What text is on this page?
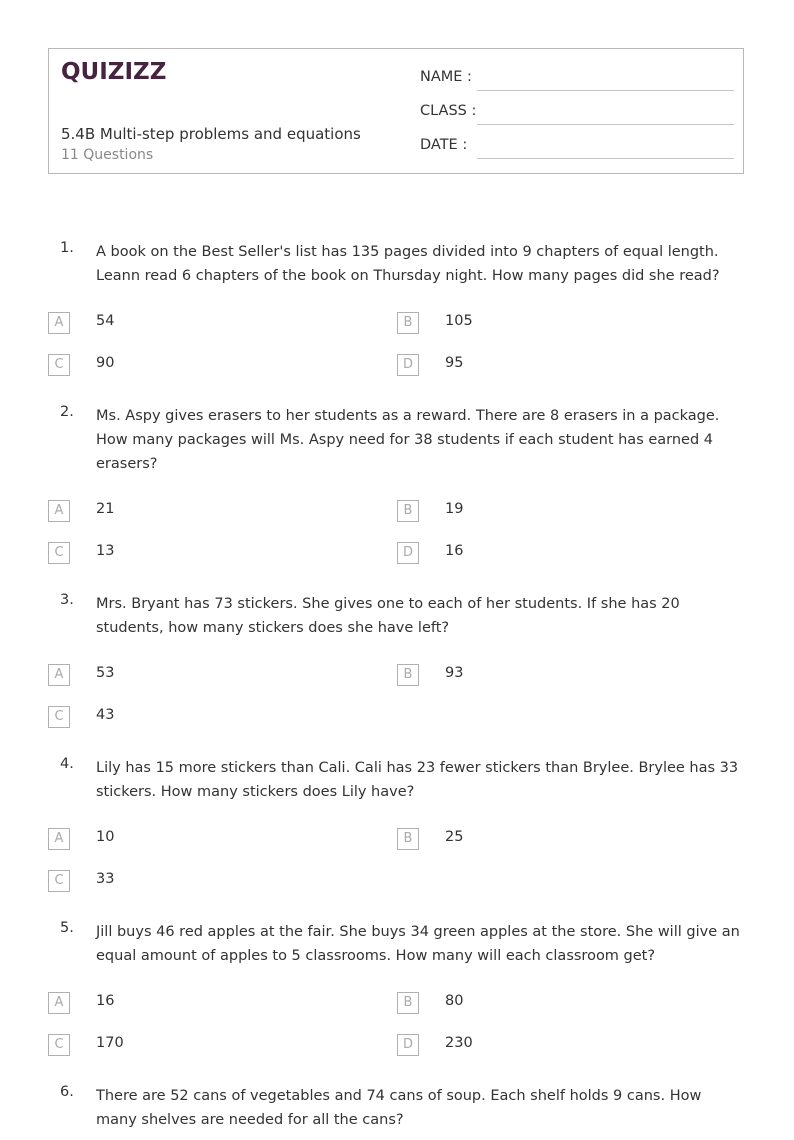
QUIZIZZ
5.4B Multi-step problems and equations
11 Questions
NAME :
CLASS :
DATE :
1. A book on the Best Seller's list has 135 pages divided into 9 chapters of equal length. Leann read 6 chapters of the book on Thursday night. How many pages did she read?
A	54	B	105
C	90	D	95
2. Ms. Aspy gives erasers to her students as a reward. There are 8 erasers in a package. How many packages will Ms. Aspy need for 38 students if each student has earned 4 erasers?
A	21	B	19
C	13	D	16
3. Mrs. Bryant has 73 stickers. She gives one to each of her students. If she has 20 students, how many stickers does she have left?
A	53	B	93
C	43
4. Lily has 15 more stickers than Cali. Cali has 23 fewer stickers than Brylee. Brylee has 33 stickers. How many stickers does Lily have?
A	10	B	25
C	33
5. Jill buys 46 red apples at the fair. She buys 34 green apples at the store. She will give an equal amount of apples to 5 classrooms. How many will each classroom get?
A	16	B	80
C	170	D	230
6. There are 52 cans of vegetables and 74 cans of soup. Each shelf holds 9 cans. How many shelves are needed for all the cans?
